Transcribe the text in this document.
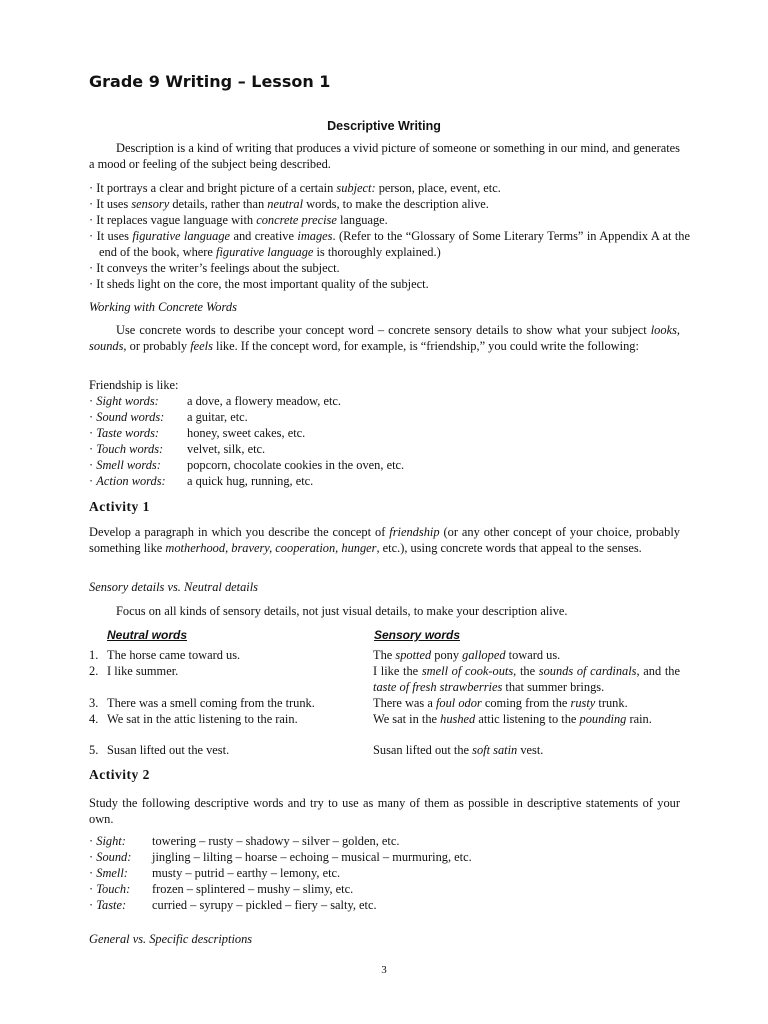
Grade 9 Writing – Lesson 1
Descriptive Writing
Description is a kind of writing that produces a vivid picture of someone or something in our mind, and generates a mood or feeling of the subject being described.
· It portrays a clear and bright picture of a certain subject: person, place, event, etc.
· It uses sensory details, rather than neutral words, to make the description alive.
· It replaces vague language with concrete precise language.
· It uses figurative language and creative images. (Refer to the “Glossary of Some Literary Terms” in Appendix A at the end of the book, where figurative language is thoroughly explained.)
· It conveys the writer’s feelings about the subject.
· It sheds light on the core, the most important quality of the subject.
Working with Concrete Words
Use concrete words to describe your concept word – concrete sensory details to show what your subject looks, sounds, or probably feels like. If the concept word, for example, is “friendship,” you could write the following:
Friendship is like:
· Sight words: a dove, a flowery meadow, etc.
· Sound words: a guitar, etc.
· Taste words: honey, sweet cakes, etc.
· Touch words: velvet, silk, etc.
· Smell words: popcorn, chocolate cookies in the oven, etc.
· Action words: a quick hug, running, etc.
Activity 1
Develop a paragraph in which you describe the concept of friendship (or any other concept of your choice, probably something like motherhood, bravery, cooperation, hunger, etc.), using concrete words that appeal to the senses.
Sensory details vs. Neutral details
Focus on all kinds of sensory details, not just visual details, to make your description alive.
Neutral words	Sensory words
1. The horse came toward us.	The spotted pony galloped toward us.
2. I like summer.	I like the smell of cook-outs, the sounds of cardinals, and the taste of fresh strawberries that summer brings.
3. There was a smell coming from the trunk.	There was a foul odor coming from the rusty trunk.
4. We sat in the attic listening to the rain.	We sat in the hushed attic listening to the pounding rain.
5. Susan lifted out the vest.	Susan lifted out the soft satin vest.
Activity 2
Study the following descriptive words and try to use as many of them as possible in descriptive statements of your own.
· Sight: towering – rusty – shadowy – silver – golden, etc.
· Sound: jingling – lilting – hoarse – echoing – musical – murmuring, etc.
· Smell: musty – putrid – earthy – lemony, etc.
· Touch: frozen – splintered – mushy – slimy, etc.
· Taste: curried – syrupy – pickled – fiery – salty, etc.
General vs. Specific descriptions
3
